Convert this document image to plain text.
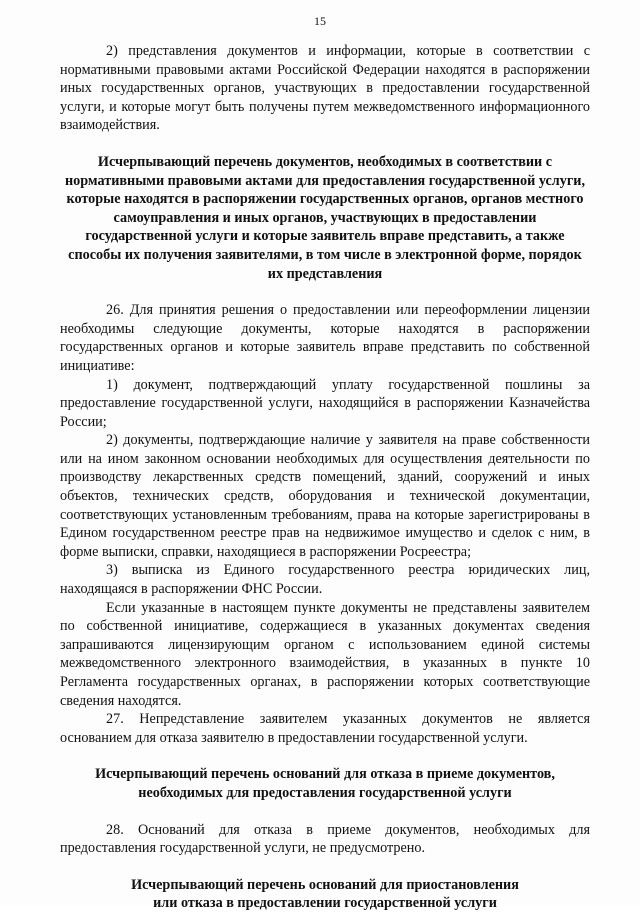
15

2) представления документов и информации, которые в соответствии с нормативными правовыми актами Российской Федерации находятся в распоряжении иных государственных органов, участвующих в предоставлении государственной услуги, и которые могут быть получены путем межведомственного информационного взаимодействия.

Исчерпывающий перечень документов, необходимых в соответствии с нормативными правовыми актами для предоставления государственной услуги, которые находятся в распоряжении государственных органов, органов местного самоуправления и иных органов, участвующих в предоставлении государственной услуги и которые заявитель вправе представить, а также способы их получения заявителями, в том числе в электронной форме, порядок их представления

26. Для принятия решения о предоставлении или переоформлении лицензии необходимы следующие документы, которые находятся в распоряжении государственных органов и которые заявитель вправе представить по собственной инициативе:

1) документ, подтверждающий уплату государственной пошлины за предоставление государственной услуги, находящийся в распоряжении Казначейства России;

2) документы, подтверждающие наличие у заявителя на праве собственности или на ином законном основании необходимых для осуществления деятельности по производству лекарственных средств помещений, зданий, сооружений и иных объектов, технических средств, оборудования и технической документации, соответствующих установленным требованиям, права на которые зарегистрированы в Едином государственном реестре прав на недвижимое имущество и сделок с ним, в форме выписки, справки, находящиеся в распоряжении Росреестра;

3) выписка из Единого государственного реестра юридических лиц, находящаяся в распоряжении ФНС России.

Если указанные в настоящем пункте документы не представлены заявителем по собственной инициативе, содержащиеся в указанных документах сведения запрашиваются лицензирующим органом с использованием единой системы межведомственного электронного взаимодействия, в указанных в пункте 10 Регламента государственных органах, в распоряжении которых соответствующие сведения находятся.

27. Непредставление заявителем указанных документов не является основанием для отказа заявителю в предоставлении государственной услуги.

Исчерпывающий перечень оснований для отказа в приеме документов, необходимых для предоставления государственной услуги

28. Оснований для отказа в приеме документов, необходимых для предоставления государственной услуги, не предусмотрено.

Исчерпывающий перечень оснований для приостановления

или отказа в предоставлении государственной услуги
